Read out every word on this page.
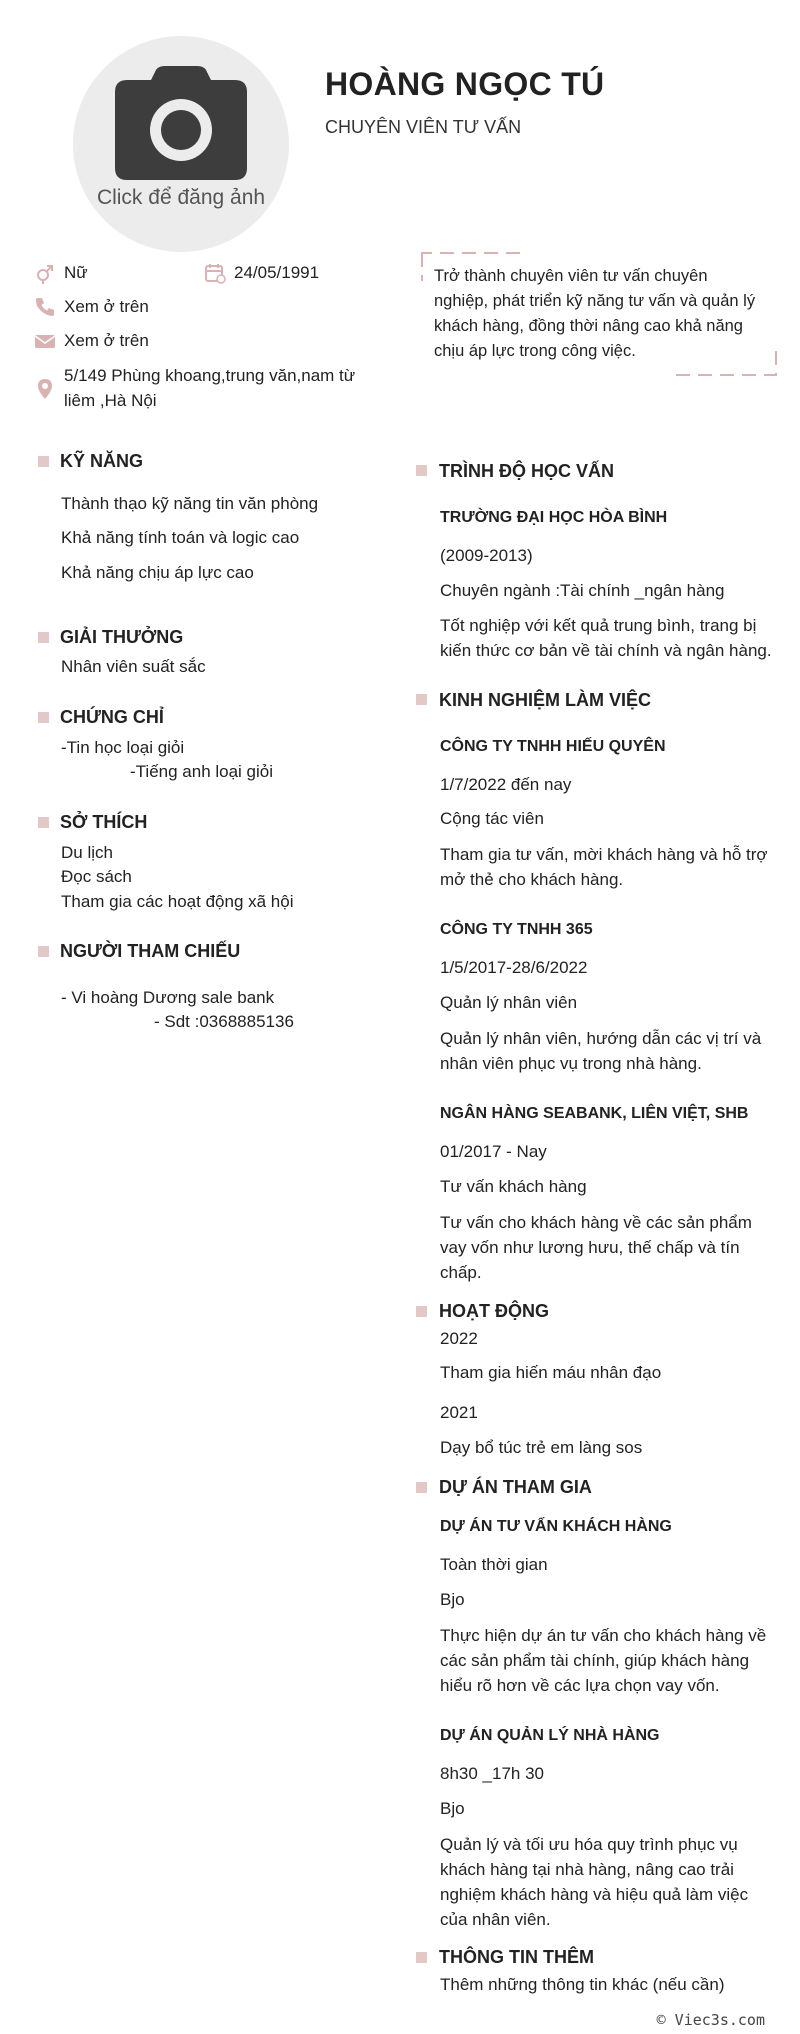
Click để đăng ảnh
HOÀNG NGỌC TÚ
CHUYÊN VIÊN TƯ VẤN
Nữ	24/05/1991
Xem ở trên
Xem ở trên
5/149 Phùng khoang,trung văn,nam từ
liêm ,Hà Nội
Trở thành chuyên viên tư vấn chuyên
nghiệp, phát triển kỹ năng tư vấn và quản lý
khách hàng, đồng thời nâng cao khả năng
chịu áp lực trong công việc.
KỸ NĂNG
Thành thạo kỹ năng tin văn phòng
Khả năng tính toán và logic cao
Khả năng chịu áp lực cao
GIẢI THƯỞNG
Nhân viên suất sắc
CHỨNG CHỈ
-Tin học loại giỏi
-Tiếng anh loại giỏi
SỞ THÍCH
Du lịch
Đọc sách
Tham gia các hoạt động xã hội
NGƯỜI THAM CHIẾU
- Vi hoàng Dương sale bank
- Sdt :0368885136
TRÌNH ĐỘ HỌC VẤN
TRƯỜNG ĐẠI HỌC HÒA BÌNH
(2009-2013)
Chuyên ngành :Tài chính _ngân hàng
Tốt nghiệp với kết quả trung bình, trang bị
kiến thức cơ bản về tài chính và ngân hàng.
KINH NGHIỆM LÀM VIỆC
CÔNG TY TNHH HIẾU QUYÊN
1/7/2022 đến nay
Cộng tác viên
Tham gia tư vấn, mời khách hàng và hỗ trợ
mở thẻ cho khách hàng.
CÔNG TY TNHH 365
1/5/2017-28/6/2022
Quản lý nhân viên
Quản lý nhân viên, hướng dẫn các vị trí và
nhân viên phục vụ trong nhà hàng.
NGÂN HÀNG SEABANK, LIÊN VIỆT, SHB
01/2017 - Nay
Tư vấn khách hàng
Tư vấn cho khách hàng về các sản phẩm
vay vốn như lương hưu, thế chấp và tín
chấp.
HOẠT ĐỘNG
2022
Tham gia hiến máu nhân đạo
2021
Dạy bổ túc trẻ em làng sos
DỰ ÁN THAM GIA
DỰ ÁN TƯ VẤN KHÁCH HÀNG
Toàn thời gian
Bjo
Thực hiện dự án tư vấn cho khách hàng về
các sản phẩm tài chính, giúp khách hàng
hiểu rõ hơn về các lựa chọn vay vốn.
DỰ ÁN QUẢN LÝ NHÀ HÀNG
8h30 _17h 30
Bjo
Quản lý và tối ưu hóa quy trình phục vụ
khách hàng tại nhà hàng, nâng cao trải
nghiệm khách hàng và hiệu quả làm việc
của nhân viên.
THÔNG TIN THÊM
Thêm những thông tin khác (nếu cần)
© Viec3s.com
